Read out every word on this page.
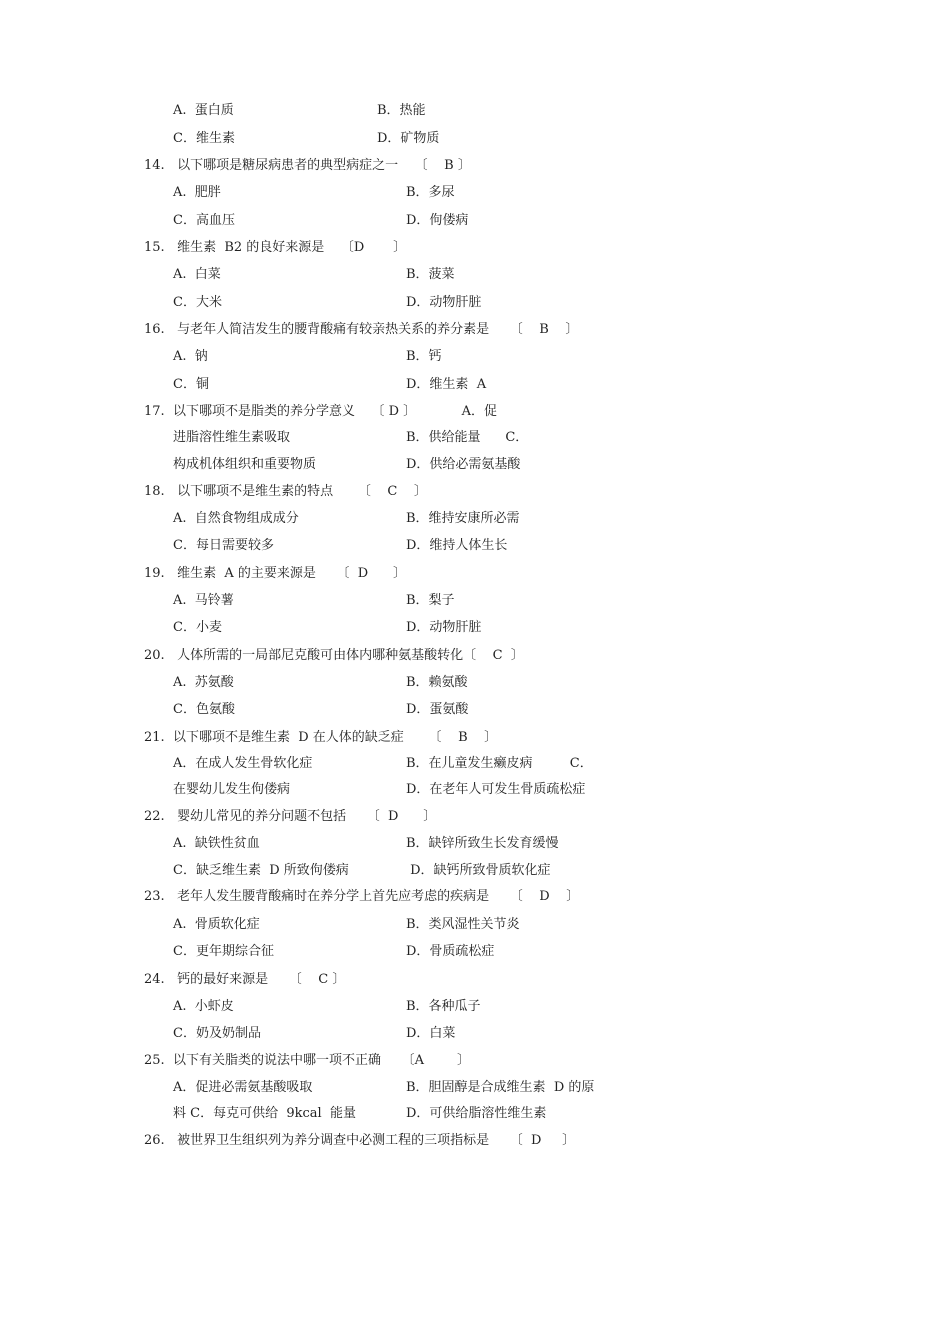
A.  蛋白质	B．热能
C．维生素	D．矿物质
14.   以下哪项是糖尿病患者的典型病症之一    〔    B 〕
A.  肥胖	B．多尿
C．高血压	D．佝偻病
15.   维生素  B2 的良好来源是    〔D       〕
A.  白菜	B．菠菜
C．大米	D．动物肝脏
16.   与老年人简洁发生的腰背酸痛有较亲热关系的养分素是     〔    B    〕
A.  钠	B．钙
C．铜	D．维生素  A
17.  以下哪项不是脂类的养分学意义    〔 D 〕           A．促
进脂溶性维生素吸取	B．供给能量      C．
构成机体组织和重要物质	D．供给必需氨基酸
18.   以下哪项不是维生素的特点      〔    C    〕
A.  自然食物组成成分	B．维持安康所必需
C．每日需要较多	D．维持人体生长
19.   维生素  A 的主要来源是     〔  D      〕
A.  马铃薯	B．梨子
C．小麦	D．动物肝脏
20.   人体所需的一局部尼克酸可由体内哪种氨基酸转化〔    C  〕
A.  苏氨酸	B．赖氨酸
C．色氨酸	D．蛋氨酸
21.  以下哪项不是维生素  D 在人体的缺乏症      〔    B    〕
A．在成人发生骨软化症	B．在儿童发生癞皮病         C．
在婴幼儿发生佝偻病	D．在老年人可发生骨质疏松症
22.   婴幼儿常见的养分问题不包括     〔  D      〕
A.  缺铁性贫血	B．缺锌所致生长发育缓慢
C．缺乏维生素  D 所致佝偻病	D．缺钙所致骨质软化症
23.   老年人发生腰背酸痛时在养分学上首先应考虑的疾病是     〔    D    〕
A.  骨质软化症	B．类风湿性关节炎
C．更年期综合征	D．骨质疏松症
24.   钙的最好来源是     〔    C 〕
A.  小虾皮	B．各种瓜子
C．奶及奶制品	D．白菜
25.  以下有关脂类的说法中哪一项不正确     〔A        〕
A．促进必需氨基酸吸取	B．胆固醇是合成维生素  D 的原
料 C．每克可供给  9kcal  能量	D．可供给脂溶性维生素
26.   被世界卫生组织列为养分调查中必测工程的三项指标是     〔  D     〕
